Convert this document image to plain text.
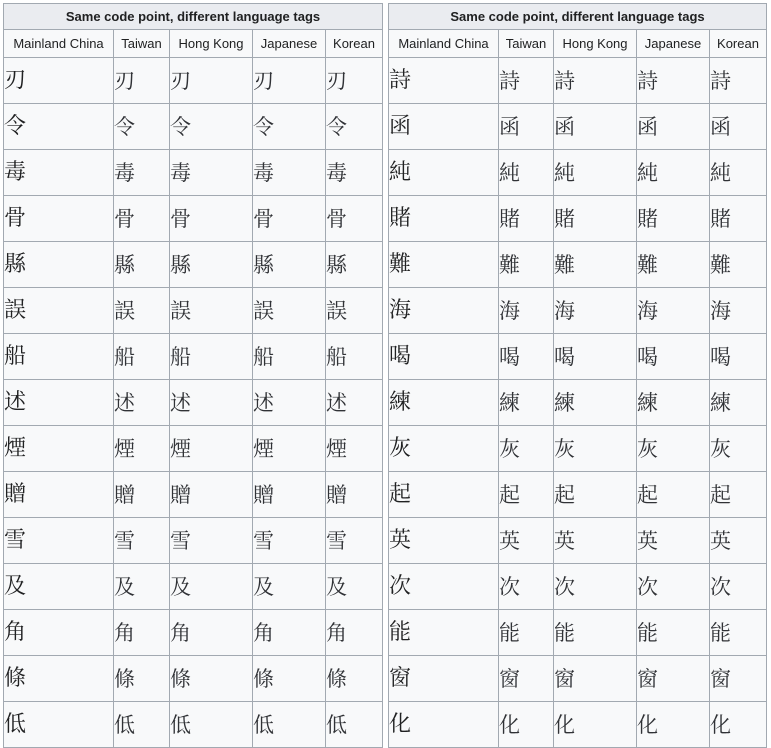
Same code point, different language tags				
Mainland China	Taiwan	Hong Kong	Japanese	Korean
刃	刃	刃	刃	刃
令	令	令	令	令
毒	毒	毒	毒	毒
骨	骨	骨	骨	骨
縣	縣	縣	縣	縣
誤	誤	誤	誤	誤
船	船	船	船	船
述	述	述	述	述
煙	煙	煙	煙	煙
贈	贈	贈	贈	贈
雪	雪	雪	雪	雪
及	及	及	及	及
角	角	角	角	角
條	條	條	條	條
低	低	低	低	低
Same code point, different language tags				
Mainland China	Taiwan	Hong Kong	Japanese	Korean
詩	詩	詩	詩	詩
函	函	函	函	函
純	純	純	純	純
賭	賭	賭	賭	賭
難	難	難	難	難
海	海	海	海	海
喝	喝	喝	喝	喝
練	練	練	練	練
灰	灰	灰	灰	灰
起	起	起	起	起
英	英	英	英	英
次	次	次	次	次
能	能	能	能	能
窗	窗	窗	窗	窗
化	化	化	化	化
